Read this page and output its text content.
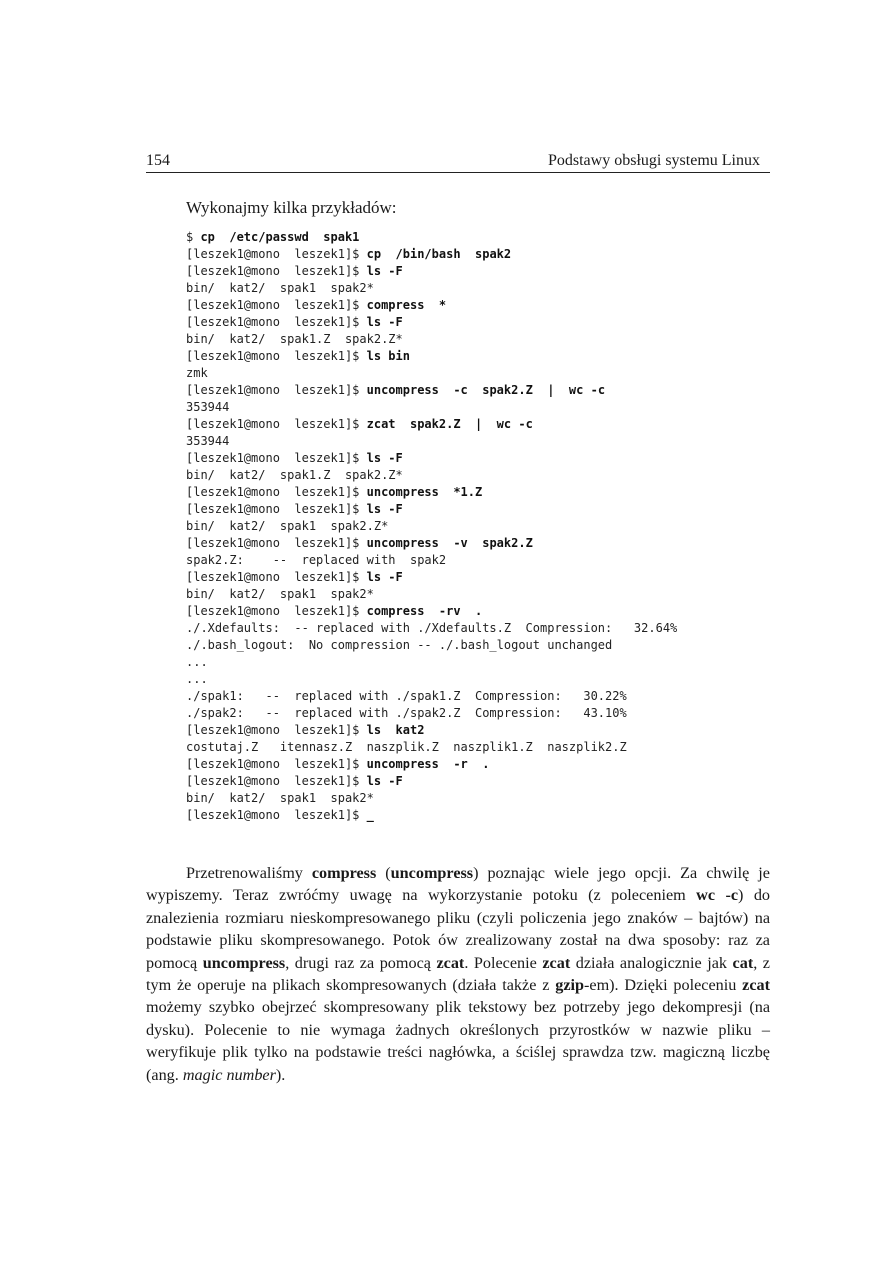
154	Podstawy obsługi systemu Linux

Wykonajmy kilka przykładów:

$ cp  /etc/passwd  spak1
[leszek1@mono  leszek1]$ cp  /bin/bash  spak2
[leszek1@mono  leszek1]$ ls -F
bin/  kat2/  spak1  spak2*
[leszek1@mono  leszek1]$ compress  *
[leszek1@mono  leszek1]$ ls -F
bin/  kat2/  spak1.Z  spak2.Z*
[leszek1@mono  leszek1]$ ls bin
zmk
[leszek1@mono  leszek1]$ uncompress  -c  spak2.Z  |  wc -c
353944
[leszek1@mono  leszek1]$ zcat  spak2.Z  |  wc -c
353944
[leszek1@mono  leszek1]$ ls -F
bin/  kat2/  spak1.Z  spak2.Z*
[leszek1@mono  leszek1]$ uncompress  *1.Z
[leszek1@mono  leszek1]$ ls -F
bin/  kat2/  spak1  spak2.Z*
[leszek1@mono  leszek1]$ uncompress  -v  spak2.Z
spak2.Z:    --  replaced with  spak2
[leszek1@mono  leszek1]$ ls -F
bin/  kat2/  spak1  spak2*
[leszek1@mono  leszek1]$ compress  -rv  .
./.Xdefaults:  -- replaced with ./Xdefaults.Z  Compression:   32.64%
./.bash_logout:  No compression -- ./.bash_logout unchanged
...
...
./spak1:   --  replaced with ./spak1.Z  Compression:   30.22%
./spak2:   --  replaced with ./spak2.Z  Compression:   43.10%
[leszek1@mono  leszek1]$ ls  kat2
costutaj.Z   itennasz.Z  naszplik.Z  naszplik1.Z  naszplik2.Z
[leszek1@mono  leszek1]$ uncompress  -r  .
[leszek1@mono  leszek1]$ ls -F
bin/  kat2/  spak1  spak2*
[leszek1@mono  leszek1]$ _

Przetrenowaliśmy compress (uncompress) poznając wiele jego opcji. Za chwilę je wypiszemy. Teraz zwróćmy uwagę na wykorzystanie potoku (z poleceniem wc -c) do znalezienia rozmiaru nieskompresowanego pliku (czyli policzenia jego znaków – bajtów) na podstawie pliku skompresowanego. Potok ów zrealizowany został na dwa sposoby: raz za pomocą uncompress, drugi raz za pomocą zcat. Polecenie zcat działa analogicznie jak cat, z tym że operuje na plikach skompresowanych (działa także z gzip-em). Dzięki poleceniu zcat możemy szybko obejrzeć skompresowany plik tekstowy bez potrzeby jego dekompresji (na dysku). Polecenie to nie wymaga żadnych określonych przyrostków w nazwie pliku – weryfikuje plik tylko na podstawie treści nagłówka, a ściślej sprawdza tzw. magiczną liczbę (ang. magic number).
